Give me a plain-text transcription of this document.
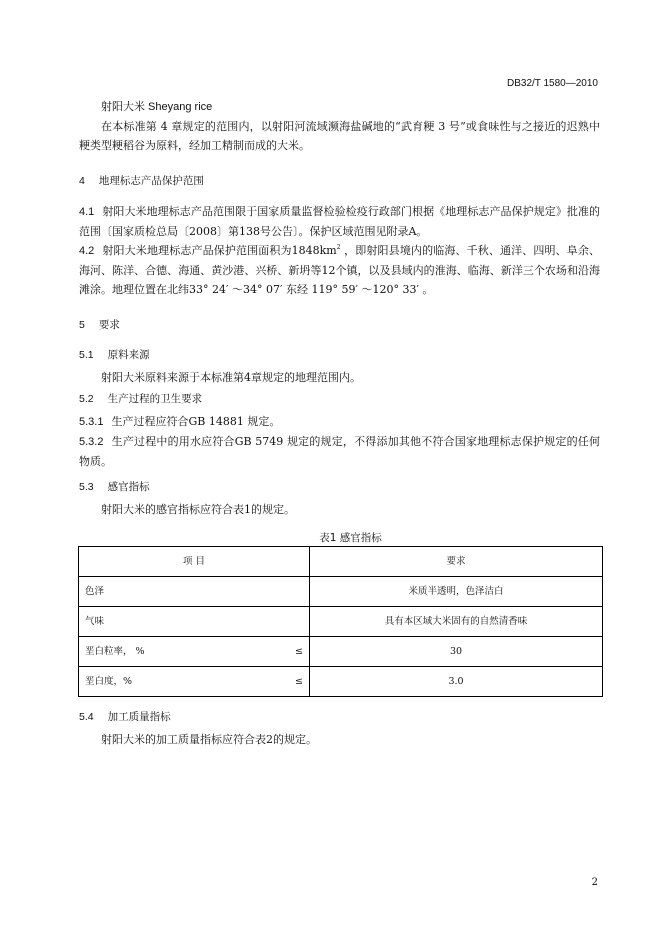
DB32/T 1580—2010

射阳大米 Sheyang rice

在本标准第 4 章规定的范围内，以射阳河流域濒海盐碱地的“武育粳 3 号”或食味性与之接近的迟熟中粳类型粳稻谷为原料，经加工精制而成的大米。

4 地理标志产品保护范围

4.1 射阳大米地理标志产品范围限于国家质量监督检验检疫行政部门根据《地理标志产品保护规定》批准的范围〔国家质检总局〔2008〕第138号公告〕。保护区域范围见附录A。

4.2 射阳大米地理标志产品保护范围面积为$1848km^2$ ，即射阳县境内的临海、千秋、通洋、四明、阜余、海河、陈洋、合德、海通、黄沙港、兴桥、新坍等12个镇，以及县域内的淮海、临海、新洋三个农场和沿海滩涂。地理位置在北纬33° 24′ ～34° 07′ 东经 119° 59′ ～120° 33′ 。

5 要求

5.1 原料来源

射阳大米原料来源于本标准第4章规定的地理范围内。

5.2 生产过程的卫生要求

5.3.1 生产过程应符合GB 14881 规定。

5.3.2 生产过程中的用水应符合GB 5749 规定的规定，不得添加其他不符合国家地理标志保护规定的任何物质。

5.3 感官指标

射阳大米的感官指标应符合表1的规定。

表1 感官指标

项 目	要求

色泽	米质半透明，色泽洁白

气味	具有本区域大米固有的自然清香味

垩白粒率， % ≤	30

垩白度，% ≤	3.0

5.4 加工质量指标

射阳大米的加工质量指标应符合表2的规定。

2
